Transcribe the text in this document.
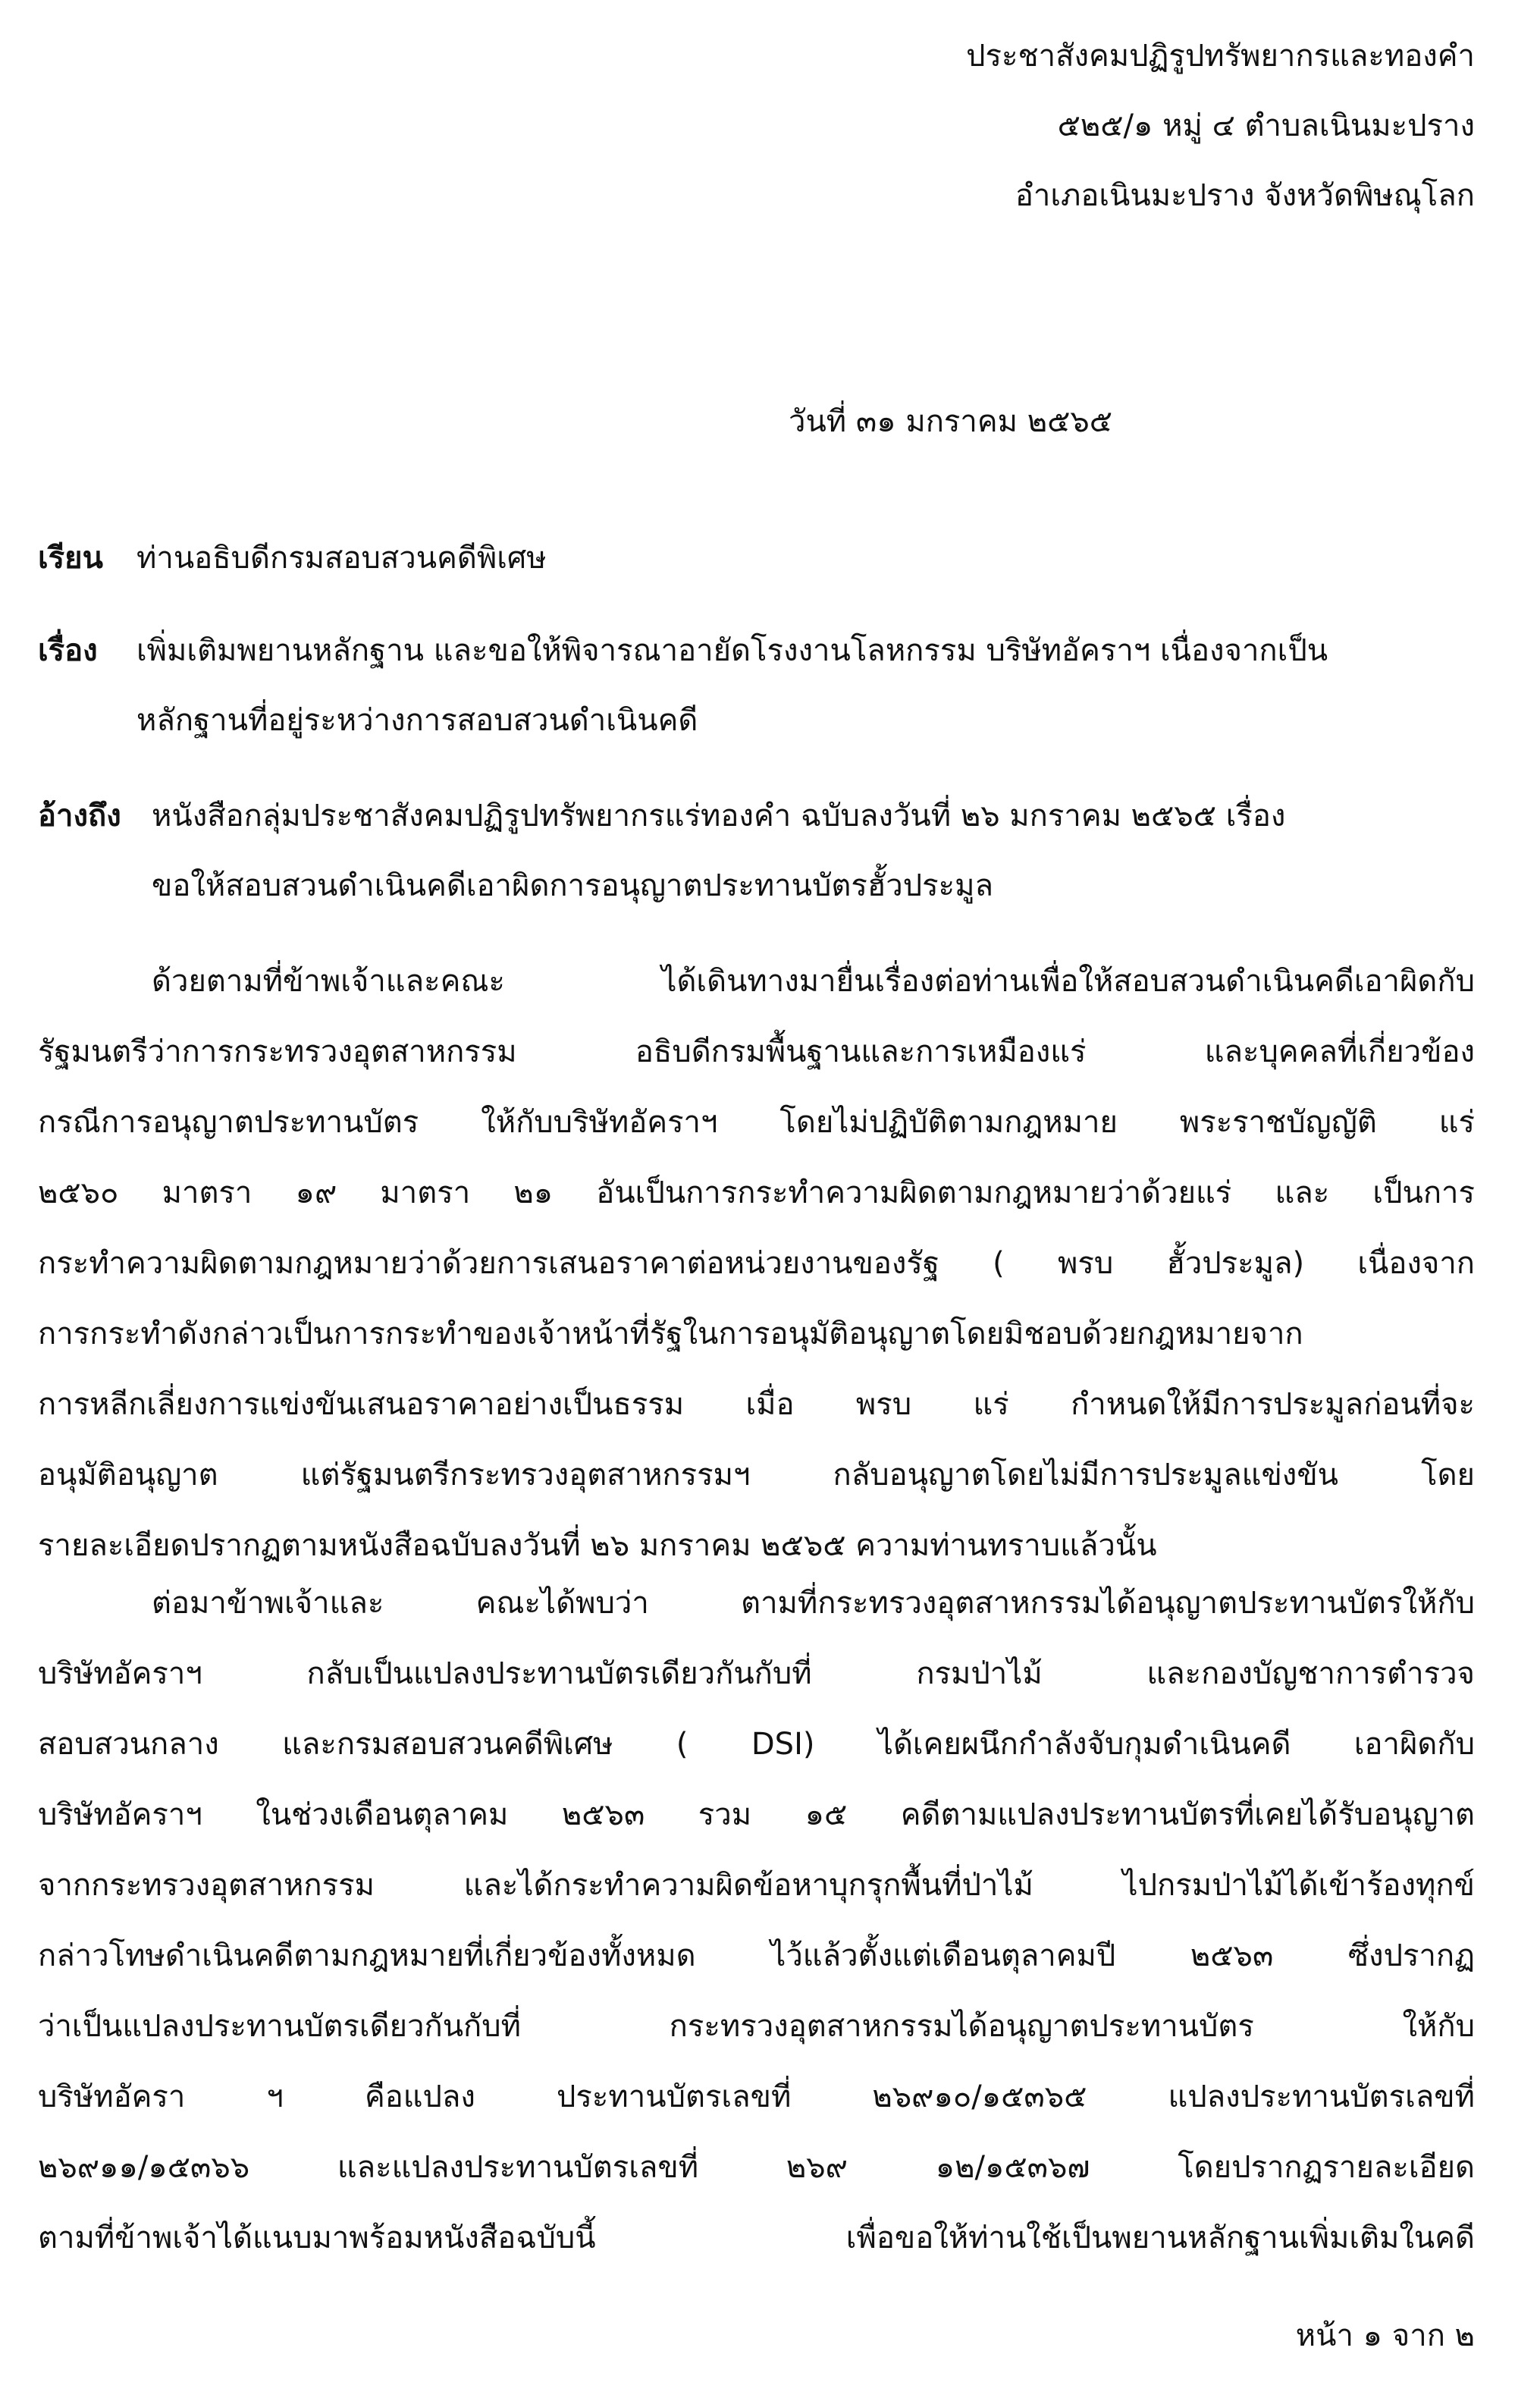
ประชาสังคมปฏิรูปทรัพยากรและทองคำ
๕๒๕/๑ หมู่ ๔ ตำบลเนินมะปราง
อำเภอเนินมะปราง จังหวัดพิษณุโลก
วันที่ ๓๑ มกราคม ๒๕๖๕
เรียน	ท่านอธิบดีกรมสอบสวนคดีพิเศษ
เรื่อง	เพิ่มเติมพยานหลักฐาน และขอให้พิจารณาอายัดโรงงานโลหกรรม บริษัทอัคราฯ เนื่องจากเป็น
หลักฐานที่อยู่ระหว่างการสอบสวนดำเนินคดี
อ้างถึง	หนังสือกลุ่มประชาสังคมปฏิรูปทรัพยากรแร่ทองคำ ฉบับลงวันที่ ๒๖ มกราคม ๒๕๖๕ เรื่อง
ขอให้สอบสวนดำเนินคดีเอาผิดการอนุญาตประทานบัตรฮั้วประมูล
ด้วยตามที่ข้าพเจ้าและคณะ ได้เดินทางมายื่นเรื่องต่อท่านเพื่อให้สอบสวนดำเนินคดีเอาผิดกับ
รัฐมนตรีว่าการกระทรวงอุตสาหกรรม อธิบดีกรมพื้นฐานและการเหมืองแร่ และบุคคลที่เกี่ยวข้อง
กรณีการอนุญาตประทานบัตร ให้กับบริษัทอัคราฯ โดยไม่ปฏิบัติตามกฎหมาย พระราชบัญญัติ แร่
๒๕๖๐ มาตรา ๑๙ มาตรา ๒๑ อันเป็นการกระทำความผิดตามกฎหมายว่าด้วยแร่ และ เป็นการ
กระทำความผิดตามกฎหมายว่าด้วยการเสนอราคาต่อหน่วยงานของรัฐ ( พรบ ฮั้วประมูล) เนื่องจาก
การกระทำดังกล่าวเป็นการกระทำของเจ้าหน้าที่รัฐในการอนุมัติอนุญาตโดยมิชอบด้วยกฎหมายจาก
การหลีกเลี่ยงการแข่งขันเสนอราคาอย่างเป็นธรรม เมื่อ พรบ แร่ กำหนดให้มีการประมูลก่อนที่จะ
อนุมัติอนุญาต แต่รัฐมนตรีกระทรวงอุตสาหกรรมฯ กลับอนุญาตโดยไม่มีการประมูลแข่งขัน โดย
รายละเอียดปรากฏตามหนังสือฉบับลงวันที่ ๒๖ มกราคม ๒๕๖๕ ความท่านทราบแล้วนั้น
ต่อมาข้าพเจ้าและ คณะได้พบว่า ตามที่กระทรวงอุตสาหกรรมได้อนุญาตประทานบัตรให้กับ
บริษัทอัคราฯ กลับเป็นแปลงประทานบัตรเดียวกันกับที่ กรมป่าไม้ และกองบัญชาการตำรวจ
สอบสวนกลาง และกรมสอบสวนคดีพิเศษ ( DSI) ได้เคยผนึกกำลังจับกุมดำเนินคดี เอาผิดกับ
บริษัทอัคราฯ ในช่วงเดือนตุลาคม ๒๕๖๓ รวม ๑๕ คดีตามแปลงประทานบัตรที่เคยได้รับอนุญาต
จากกระทรวงอุตสาหกรรม และได้กระทำความผิดข้อหาบุกรุกพื้นที่ป่าไม้ ไปกรมป่าไม้ได้เข้าร้องทุกข์
กล่าวโทษดำเนินคดีตามกฎหมายที่เกี่ยวข้องทั้งหมด ไว้แล้วตั้งแต่เดือนตุลาคมปี ๒๕๖๓ ซึ่งปรากฏ
ว่าเป็นแปลงประทานบัตรเดียวกันกับที่ กระทรวงอุตสาหกรรมได้อนุญาตประทานบัตร ให้กับ
บริษัทอัครา ฯ คือแปลง ประทานบัตรเลขที่ ๒๖๙๑๐/๑๕๓๖๕ แปลงประทานบัตรเลขที่
๒๖๙๑๑/๑๕๓๖๖ และแปลงประทานบัตรเลขที่ ๒๖๙ ๑๒/๑๕๓๖๗ โดยปรากฏรายละเอียด
ตามที่ข้าพเจ้าได้แนบมาพร้อมหนังสือฉบับนี้ เพื่อขอให้ท่านใช้เป็นพยานหลักฐานเพิ่มเติมในคดี
หน้า ๑ จาก ๒
